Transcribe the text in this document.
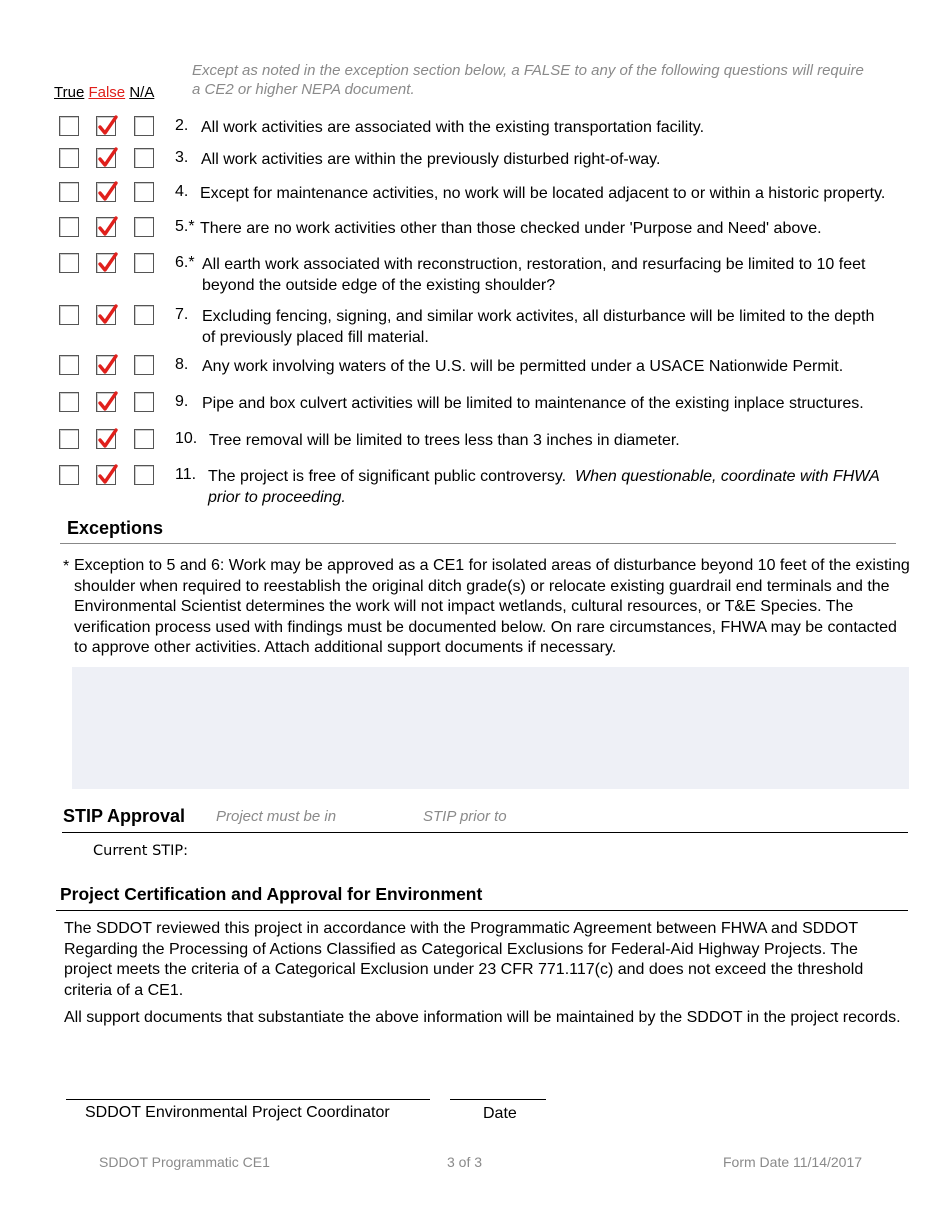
Except as noted in the exception section below, a FALSE to any of the following questions will require a CE2 or higher NEPA document.
True False N/A
2. All work activities are associated with the existing transportation facility.
3. All work activities are within the previously disturbed right-of-way.
4. Except for maintenance activities, no work will be located adjacent to or within a historic property.
5.* There are no work activities other than those checked under 'Purpose and Need' above.
6.* All earth work associated with reconstruction, restoration, and resurfacing be limited to 10 feet beyond the outside edge of the existing shoulder?
7. Excluding fencing, signing, and similar work activites, all disturbance will be limited to the depth of previously placed fill material.
8. Any work involving waters of the U.S. will be permitted under a USACE Nationwide Permit.
9. Pipe and box culvert activities will be limited to maintenance of the existing inplace structures.
10. Tree removal will be limited to trees less than 3 inches in diameter.
11. The project is free of significant public controversy. When questionable, coordinate with FHWA prior to proceeding.
Exceptions
* Exception to 5 and 6: Work may be approved as a CE1 for isolated areas of disturbance beyond 10 feet of the existing shoulder when required to reestablish the original ditch grade(s) or relocate existing guardrail end terminals and the Environmental Scientist determines the work will not impact wetlands, cultural resources, or T&E Species. The verification process used with findings must be documented below. On rare circumstances, FHWA may be contacted to approve other activities. Attach additional support documents if necessary.
STIP Approval Project must be in	STIP prior to
Current STIP:
Project Certification and Approval for Environment
The SDDOT reviewed this project in accordance with the Programmatic Agreement between FHWA and SDDOT Regarding the Processing of Actions Classified as Categorical Exclusions for Federal-Aid Highway Projects. The project meets the criteria of a Categorical Exclusion under 23 CFR 771.117(c) and does not exceed the threshold criteria of a CE1.
All support documents that substantiate the above information will be maintained by the SDDOT in the project records.
SDDOT Environmental Project Coordinator	Date
SDDOT Programmatic CE1	3 of 3	Form Date 11/14/2017
